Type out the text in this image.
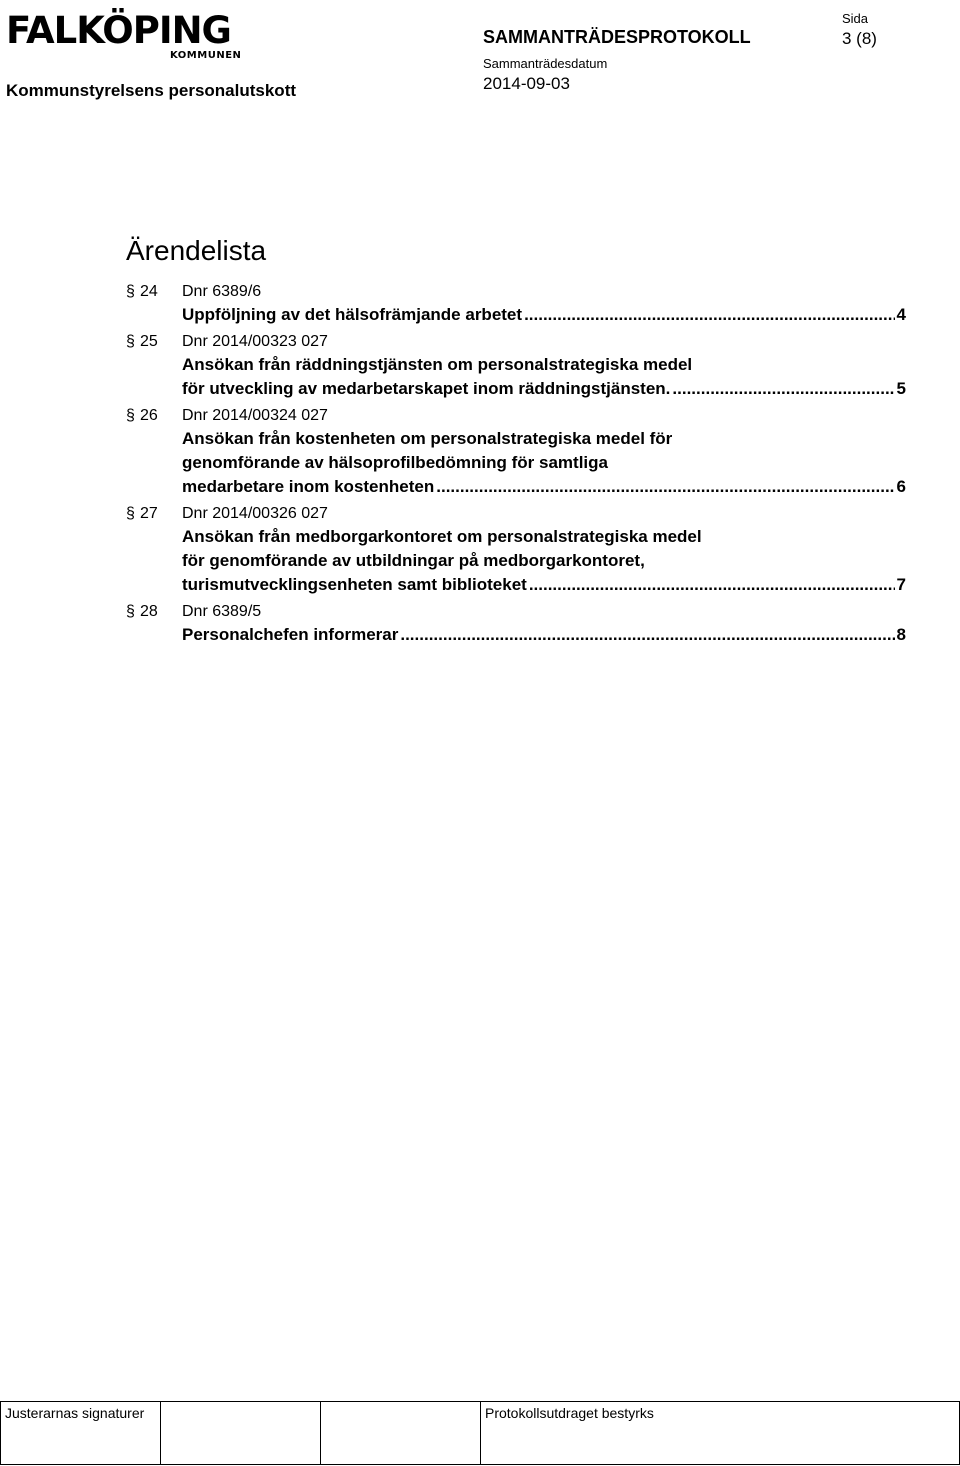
FALKÖPING
KOMMUNEN
Kommunstyrelsens personalutskott
SAMMANTRÄDESPROTOKOLL
Sida
3 (8)
Sammanträdesdatum
2014-09-03
Ärendelista
§ 24	Dnr 6389/6
Uppföljning av det hälsofrämjande arbetet .....	4
§ 25	Dnr 2014/00323 027
Ansökan från räddningstjänsten om personalstrategiska medel
för utveckling av medarbetarskapet inom räddningstjänsten. .....	5
§ 26	Dnr 2014/00324 027
Ansökan från kostenheten om personalstrategiska medel för
genomförande av hälsoprofilbedömning för samtliga
medarbetare inom kostenheten .....	6
§ 27	Dnr 2014/00326 027
Ansökan från medborgarkontoret om personalstrategiska medel
för genomförande av utbildningar på medborgarkontoret,
turismutvecklingsenheten samt biblioteket .....	7
§ 28	Dnr 6389/5
Personalchefen informerar .....	8
Justerarnas signaturer	Protokollsutdraget bestyrks
